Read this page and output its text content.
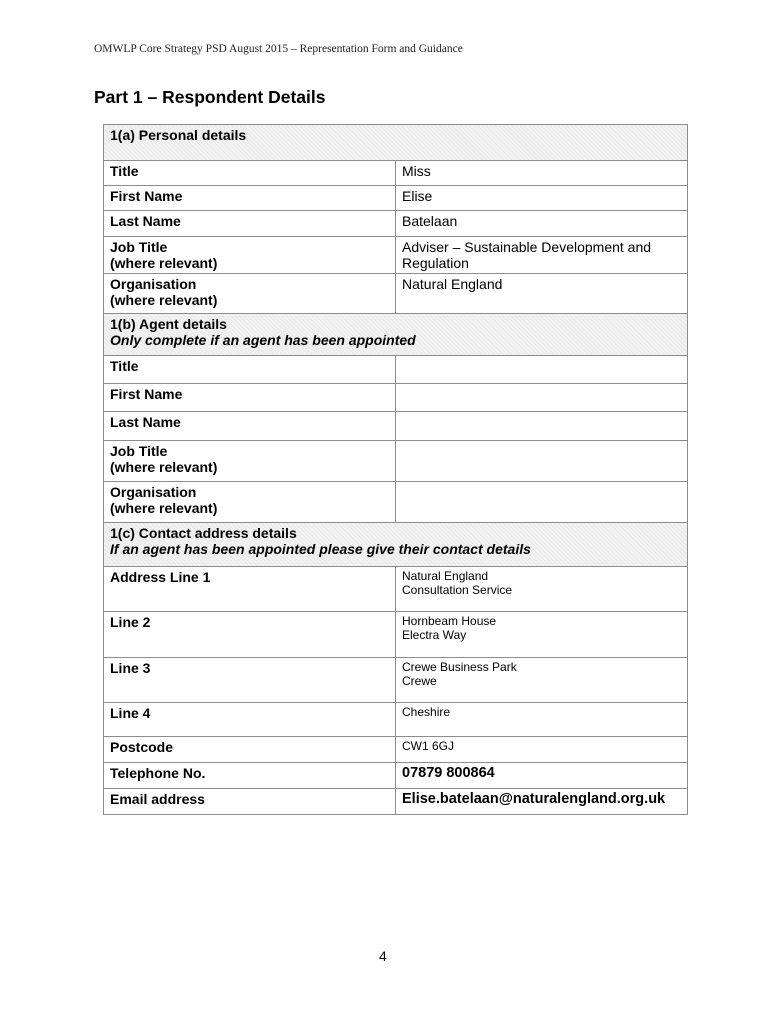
OMWLP Core Strategy PSD August 2015 – Representation Form and Guidance
Part 1 – Respondent Details
1(a) Personal details	
Title	Miss
First Name	Elise
Last Name	Batelaan
Job Title
(where relevant)	Adviser – Sustainable Development and Regulation
Organisation
(where relevant)	Natural England
1(b) Agent details
Only complete if an agent has been appointed	

Title	
First Name	
Last Name	
Job Title
(where relevant)	
Organisation
(where relevant)	
1(c) Contact address details
If an agent has been appointed please give their contact details	

Address Line 1	Natural England
Consultation Service
Line 2	Hornbeam House
Electra Way
Line 3	Crewe Business Park
Crewe
Line 4	Cheshire
Postcode	CW1 6GJ
Telephone No.	07879 800864
Email address	Elise.batelaan@naturalengland.org.uk
4
